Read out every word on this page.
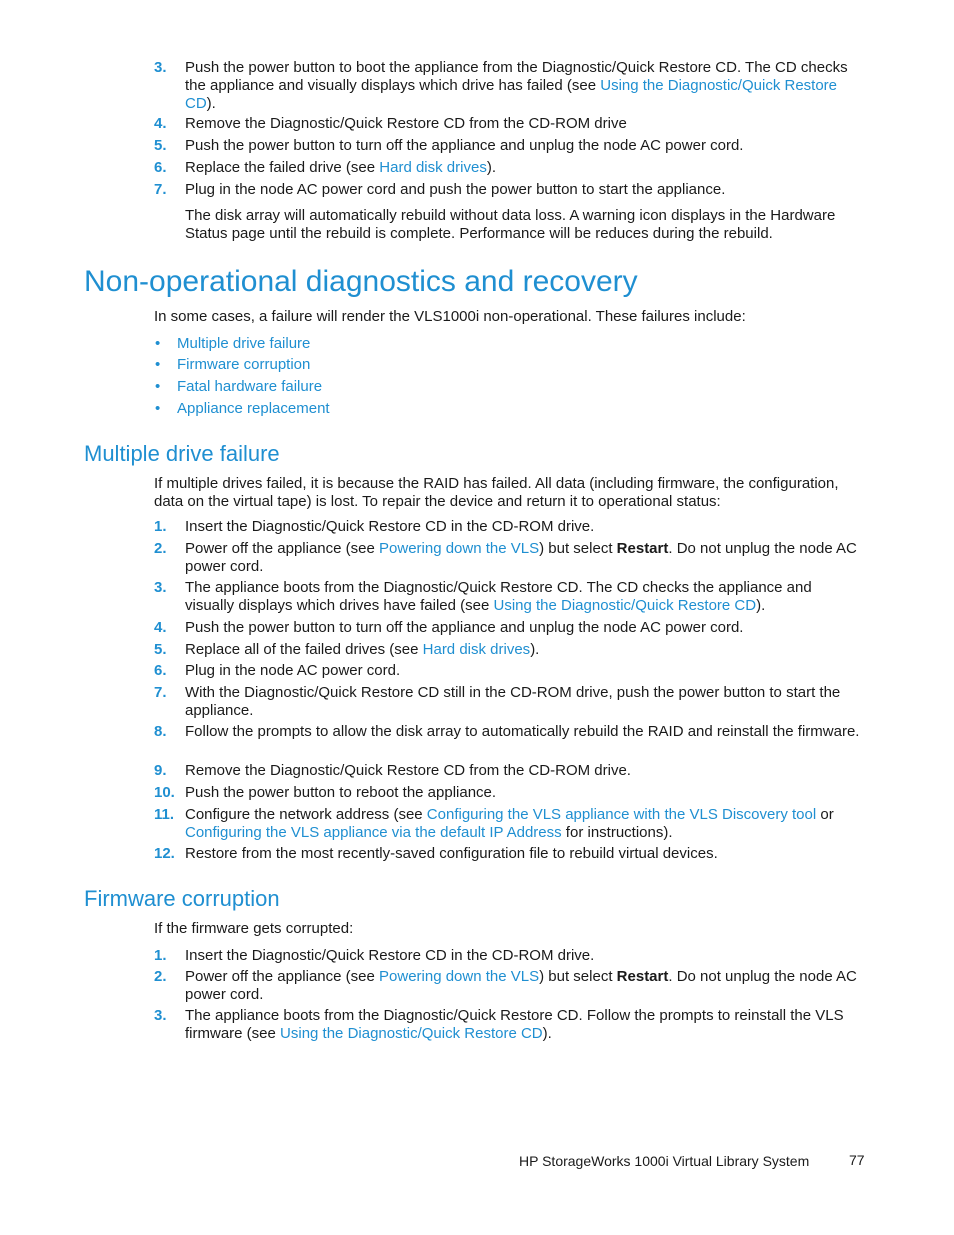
3. Push the power button to boot the appliance from the Diagnostic/Quick Restore CD. The CD checks the appliance and visually displays which drive has failed (see Using the Diagnostic/Quick Restore CD).
4. Remove the Diagnostic/Quick Restore CD from the CD-ROM drive
5. Push the power button to turn off the appliance and unplug the node AC power cord.
6. Replace the failed drive (see Hard disk drives).
7. Plug in the node AC power cord and push the power button to start the appliance.
The disk array will automatically rebuild without data loss. A warning icon displays in the Hardware Status page until the rebuild is complete. Performance will be reduces during the rebuild.
Non-operational diagnostics and recovery
In some cases, a failure will render the VLS1000i non-operational. These failures include:
• Multiple drive failure
• Firmware corruption
• Fatal hardware failure
• Appliance replacement
Multiple drive failure
If multiple drives failed, it is because the RAID has failed. All data (including firmware, the configuration, data on the virtual tape) is lost. To repair the device and return it to operational status:
1. Insert the Diagnostic/Quick Restore CD in the CD-ROM drive.
2. Power off the appliance (see Powering down the VLS) but select Restart. Do not unplug the node AC power cord.
3. The appliance boots from the Diagnostic/Quick Restore CD. The CD checks the appliance and visually displays which drives have failed (see Using the Diagnostic/Quick Restore CD).
4. Push the power button to turn off the appliance and unplug the node AC power cord.
5. Replace all of the failed drives (see Hard disk drives).
6. Plug in the node AC power cord.
7. With the Diagnostic/Quick Restore CD still in the CD-ROM drive, push the power button to start the appliance.
8. Follow the prompts to allow the disk array to automatically rebuild the RAID and reinstall the firmware.
9. Remove the Diagnostic/Quick Restore CD from the CD-ROM drive.
10. Push the power button to reboot the appliance.
11. Configure the network address (see Configuring the VLS appliance with the VLS Discovery tool or Configuring the VLS appliance via the default IP Address for instructions).
12. Restore from the most recently-saved configuration file to rebuild virtual devices.
Firmware corruption
If the firmware gets corrupted:
1. Insert the Diagnostic/Quick Restore CD in the CD-ROM drive.
2. Power off the appliance (see Powering down the VLS) but select Restart. Do not unplug the node AC power cord.
3. The appliance boots from the Diagnostic/Quick Restore CD. Follow the prompts to reinstall the VLS firmware (see Using the Diagnostic/Quick Restore CD).
HP StorageWorks 1000i Virtual Library System	77
